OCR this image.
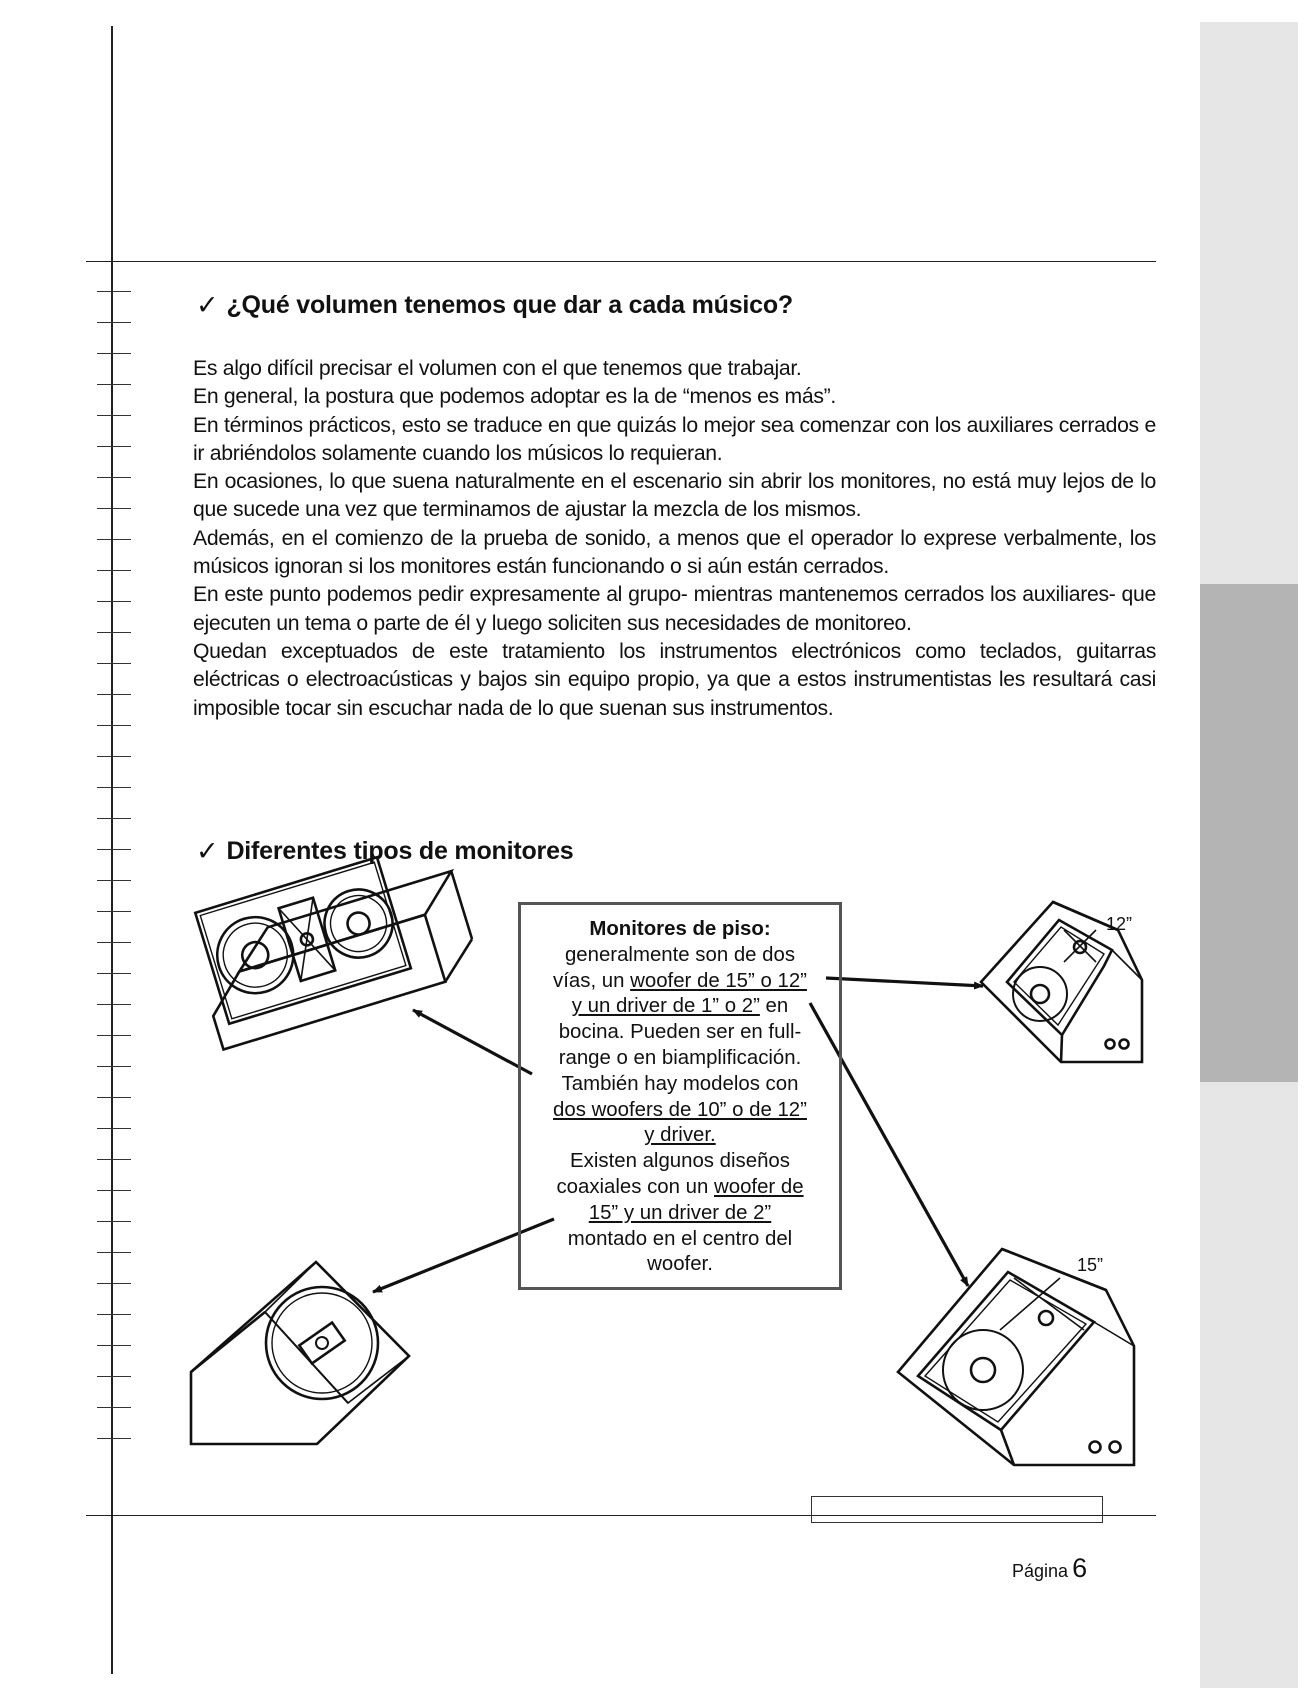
✓ ¿Qué volumen tenemos que dar a cada músico?

Es algo difícil precisar el volumen con el que tenemos que trabajar.

En general, la postura que podemos adoptar es la de “menos es más”.

En términos prácticos, esto se traduce en que quizás lo mejor sea comenzar con los auxiliares cerrados e ir abriéndolos solamente cuando los músicos lo requieran.

En ocasiones, lo que suena naturalmente en el escenario sin abrir los monitores, no está muy lejos de lo que sucede una vez que terminamos de ajustar la mezcla de los mismos.

Además, en el comienzo de la prueba de sonido, a menos que el operador lo exprese verbalmente, los músicos ignoran si los monitores están funcionando o si aún están cerrados.

En este punto podemos pedir expresamente al grupo- mientras mantenemos cerrados los auxiliares- que ejecuten un tema o parte de él y luego soliciten sus necesidades de monitoreo.

Quedan exceptuados de este tratamiento los instrumentos electrónicos como teclados, guitarras eléctricas o electroacústicas y bajos sin equipo propio, ya que a estos instrumentistas les resultará casi imposible tocar sin escuchar nada de lo que suenan sus instrumentos.

✓ Diferentes tipos de monitores
Monitores de piso:
generalmente son de dos
vías, un woofer de 15” o 12”
y un driver de 1” o 2” en
bocina. Pueden ser en full-
range o en biamplificación.
También hay modelos con
dos woofers de 10” o de 12”
y driver.
Existen algunos diseños
coaxiales con un woofer de
15” y un driver de 2”
montado en el centro del
woofer.
12”
15”
Página 6
